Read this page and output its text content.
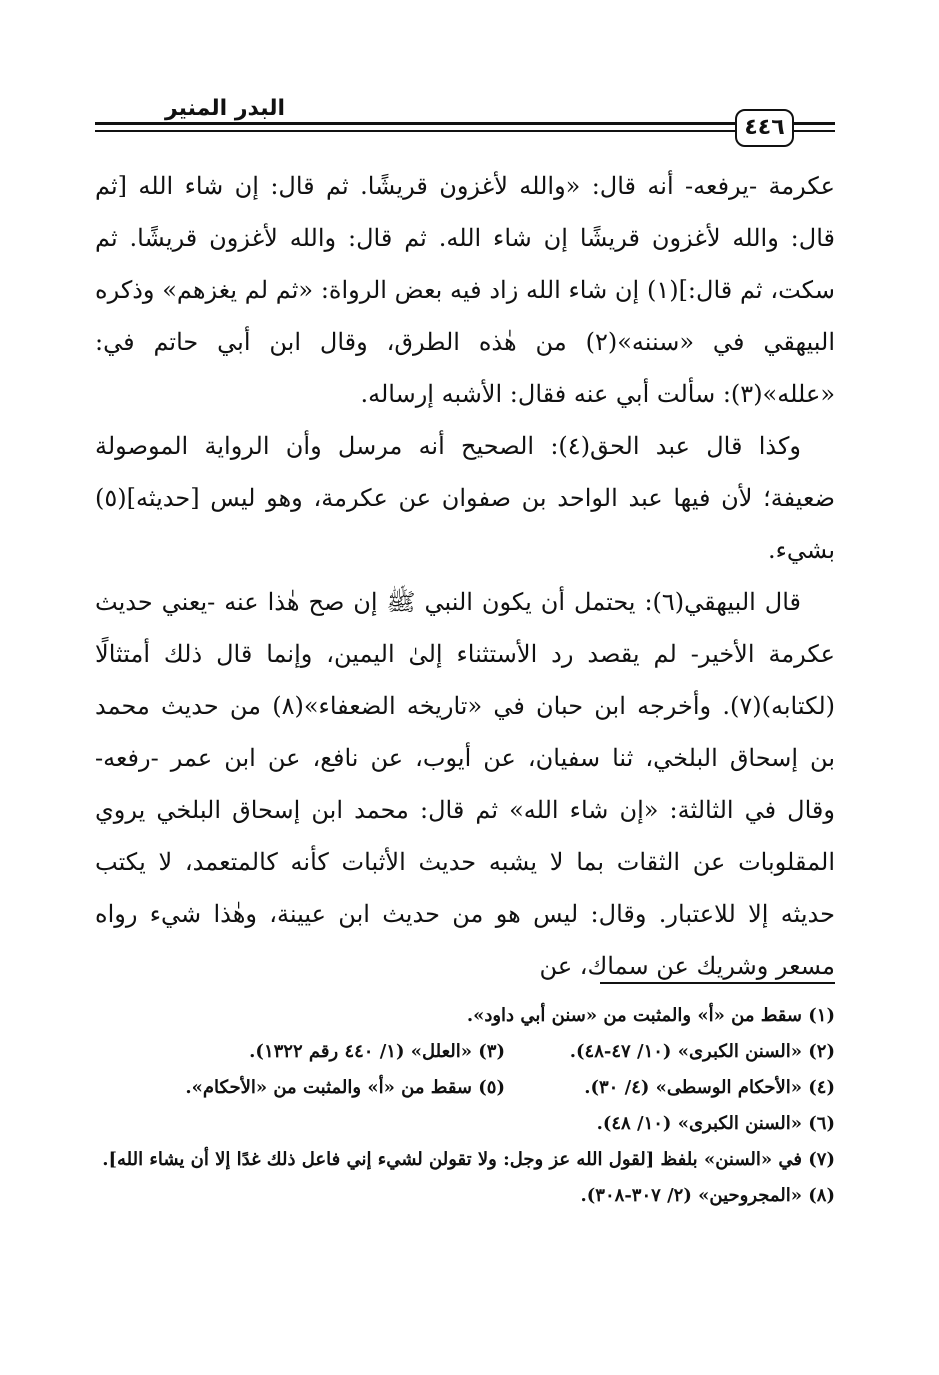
البدر المنير
٤٤٦

عكرمة -يرفعه- أنه قال: «والله لأغزون قريشًا. ثم قال: إن شاء الله [ثم قال: والله لأغزون قريشًا إن شاء الله. ثم قال: والله لأغزون قريشًا. ثم سكت، ثم قال:](١) إن شاء الله زاد فيه بعض الرواة: «ثم لم يغزهم» وذكره البيهقي في «سننه»(٢) من هٰذه الطرق، وقال ابن أبي حاتم في: «علله»(٣): سألت أبي عنه فقال: الأشبه إرساله.

وكذا قال عبد الحق(٤): الصحيح أنه مرسل وأن الرواية الموصولة ضعيفة؛ لأن فيها عبد الواحد بن صفوان عن عكرمة، وهو ليس [حديثه](٥) بشيء.

قال البيهقي(٦): يحتمل أن يكون النبي ﷺ إن صح هٰذا عنه -يعني حديث عكرمة الأخير- لم يقصد رد الأستثناء إلىٰ اليمين، وإنما قال ذلك أمتثالًا (لكتابه)(٧). وأخرجه ابن حبان في «تاريخه الضعفاء»(٨) من حديث محمد بن إسحاق البلخي، ثنا سفيان، عن أيوب، عن نافع، عن ابن عمر -رفعه- وقال في الثالثة: «إن شاء الله» ثم قال: محمد ابن إسحاق البلخي يروي المقلوبات عن الثقات بما لا يشبه حديث الأثبات كأنه كالمتعمد، لا يكتب حديثه إلا للاعتبار. وقال: ليس هو من حديث ابن عيينة، وهٰذا شيء رواه مسعر وشريك عن سماك، عن

(١) سقط من «أ» والمثبت من «سنن أبي داود».
(٢) «السنن الكبرى» (١٠/ ٤٧-٤٨).
(٣) «العلل» (١/ ٤٤٠ رقم ١٣٢٢).
(٤) «الأحكام الوسطى» (٤/ ٣٠).
(٥) سقط من «أ» والمثبت من «الأحكام».
(٦) «السنن الكبرى» (١٠/ ٤٨).

(٧) في «السنن» بلفظ [لقول الله عز وجل: ولا تقولن لشيء إني فاعل ذلك غدًا إلا أن يشاء الله].

(٨) «المجروحين» (٢/ ٣٠٧-٣٠٨).
